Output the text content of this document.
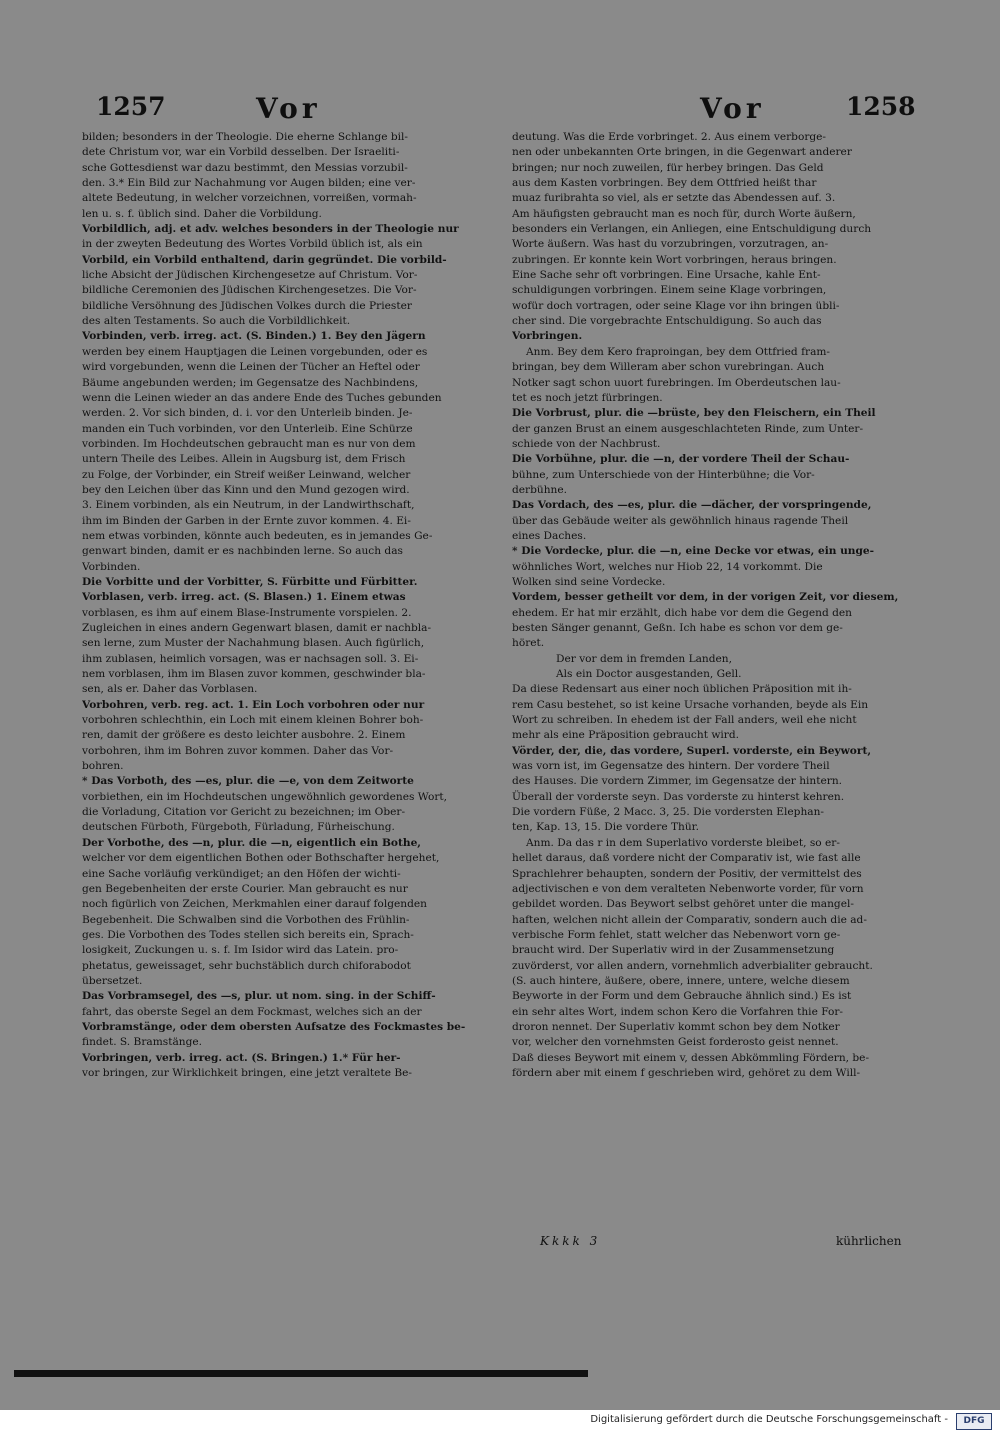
1257	Vor	Vor	1258
bilden; besonders in der Theologie. Die eherne Schlange bil-
dete Christum vor, war ein Vorbild desselben. Der Israeliti-
sche Gottesdienst war dazu bestimmt, den Messias vorzubil-
den. 3.* Ein Bild zur Nachahmung vor Augen bilden; eine ver-
altete Bedeutung, in welcher vorzeichnen, vorreißen, vormah-
len u. s. f. üblich sind. Daher die Vorbildung.
Vorbildlich, adj. et adv. welches besonders in der Theologie nur
in der zweyten Bedeutung des Wortes Vorbild üblich ist, als ein
Vorbild, ein Vorbild enthaltend, darin gegründet. Die vorbild-
liche Absicht der Jüdischen Kirchengesetze auf Christum. Vor-
bildliche Ceremonien des Jüdischen Kirchengesetzes. Die Vor-
bildliche Versöhnung des Jüdischen Volkes durch die Priester
des alten Testaments. So auch die Vorbildlichkeit.
Vorbinden, verb. irreg. act. (S. Binden.) 1. Bey den Jägern
werden bey einem Hauptjagen die Leinen vorgebunden, oder es
wird vorgebunden, wenn die Leinen der Tücher an Heftel oder
Bäume angebunden werden; im Gegensatze des Nachbindens,
wenn die Leinen wieder an das andere Ende des Tuches gebunden
werden. 2. Vor sich binden, d. i. vor den Unterleib binden. Je-
manden ein Tuch vorbinden, vor den Unterleib. Eine Schürze
vorbinden. Im Hochdeutschen gebraucht man es nur von dem
untern Theile des Leibes. Allein in Augsburg ist, dem Frisch
zu Folge, der Vorbinder, ein Streif weißer Leinwand, welcher
bey den Leichen über das Kinn und den Mund gezogen wird.
3. Einem vorbinden, als ein Neutrum, in der Landwirthschaft,
ihm im Binden der Garben in der Ernte zuvor kommen. 4. Ei-
nem etwas vorbinden, könnte auch bedeuten, es in jemandes Ge-
genwart binden, damit er es nachbinden lerne. So auch das
Vorbinden.
Die Vorbitte und der Vorbitter, S. Fürbitte und Fürbitter.
Vorblasen, verb. irreg. act. (S. Blasen.) 1. Einem etwas
vorblasen, es ihm auf einem Blase-Instrumente vorspielen. 2.
Zugleichen in eines andern Gegenwart blasen, damit er nachbla-
sen lerne, zum Muster der Nachahmung blasen. Auch figürlich,
ihm zublasen, heimlich vorsagen, was er nachsagen soll. 3. Ei-
nem vorblasen, ihm im Blasen zuvor kommen, geschwinder bla-
sen, als er. Daher das Vorblasen.
Vorbohren, verb. reg. act. 1. Ein Loch vorbohren oder nur
vorbohren schlechthin, ein Loch mit einem kleinen Bohrer boh-
ren, damit der größere es desto leichter ausbohre. 2. Einem
vorbohren, ihm im Bohren zuvor kommen. Daher das Vor-
bohren.
* Das Vorboth, des —es, plur. die —e, von dem Zeitworte
vorbiethen, ein im Hochdeutschen ungewöhnlich gewordenes Wort,
die Vorladung, Citation vor Gericht zu bezeichnen; im Ober-
deutschen Fürboth, Fürgeboth, Fürladung, Fürheischung.
Der Vorbothe, des —n, plur. die —n, eigentlich ein Bothe,
welcher vor dem eigentlichen Bothen oder Bothschafter hergehet,
eine Sache vorläufig verkündiget; an den Höfen der wichti-
gen Begebenheiten der erste Courier. Man gebraucht es nur
noch figürlich von Zeichen, Merkmahlen einer darauf folgenden
Begebenheit. Die Schwalben sind die Vorbothen des Frühlin-
ges. Die Vorbothen des Todes stellen sich bereits ein, Sprach-
losigkeit, Zuckungen u. s. f. Im Isidor wird das Latein. pro-
phetatus, geweissaget, sehr buchstäblich durch chiforabodot
übersetzet.
Das Vorbramsegel, des —s, plur. ut nom. sing. in der Schiff-
fahrt, das oberste Segel an dem Fockmast, welches sich an der
Vorbramstänge, oder dem obersten Aufsatze des Fockmastes be-
findet. S. Bramstänge.
Vorbringen, verb. irreg. act. (S. Bringen.) 1.* Für her-
vor bringen, zur Wirklichkeit bringen, eine jetzt veraltete Be-
deutung. Was die Erde vorbringet. 2. Aus einem verborge-
nen oder unbekannten Orte bringen, in die Gegenwart anderer
bringen; nur noch zuweilen, für herbey bringen. Das Geld
aus dem Kasten vorbringen. Bey dem Ottfried heißt thar
muaz furibrahta so viel, als er setzte das Abendessen auf. 3.
Am häufigsten gebraucht man es noch für, durch Worte äußern,
besonders ein Verlangen, ein Anliegen, eine Entschuldigung durch
Worte äußern. Was hast du vorzubringen, vorzutragen, an-
zubringen. Er konnte kein Wort vorbringen, heraus bringen.
Eine Sache sehr oft vorbringen. Eine Ursache, kahle Ent-
schuldigungen vorbringen. Einem seine Klage vorbringen,
wofür doch vortragen, oder seine Klage vor ihn bringen übli-
cher sind. Die vorgebrachte Entschuldigung. So auch das
Vorbringen.
Anm. Bey dem Kero fraproingan, bey dem Ottfried fram-
bringan, bey dem Willeram aber schon vurebringan. Auch
Notker sagt schon uuort furebringen. Im Oberdeutschen lau-
tet es noch jetzt fürbringen.
Die Vorbrust, plur. die —brüste, bey den Fleischern, ein Theil
der ganzen Brust an einem ausgeschlachteten Rinde, zum Unter-
schiede von der Nachbrust.
Die Vorbühne, plur. die —n, der vordere Theil der Schau-
bühne, zum Unterschiede von der Hinterbühne; die Vor-
derbühne.
Das Vordach, des —es, plur. die —dächer, der vorspringende,
über das Gebäude weiter als gewöhnlich hinaus ragende Theil
eines Daches.
* Die Vordecke, plur. die —n, eine Decke vor etwas, ein unge-
wöhnliches Wort, welches nur Hiob 22, 14 vorkommt. Die
Wolken sind seine Vordecke.
Vordem, besser getheilt vor dem, in der vorigen Zeit, vor diesem,
ehedem. Er hat mir erzählt, dich habe vor dem die Gegend den
besten Sänger genannt, Geßn. Ich habe es schon vor dem ge-
höret.
Der vor dem in fremden Landen,
Als ein Doctor ausgestanden, Gell.
Da diese Redensart aus einer noch üblichen Präposition mit ih-
rem Casu bestehet, so ist keine Ursache vorhanden, beyde als Ein
Wort zu schreiben. In ehedem ist der Fall anders, weil ehe nicht
mehr als eine Präposition gebraucht wird.
Vörder, der, die, das vordere, Superl. vorderste, ein Beywort,
was vorn ist, im Gegensatze des hintern. Der vordere Theil
des Hauses. Die vordern Zimmer, im Gegensatze der hintern.
Überall der vorderste seyn. Das vorderste zu hinterst kehren.
Die vordern Füße, 2 Macc. 3, 25. Die vordersten Elephan-
ten, Kap. 13, 15. Die vordere Thür.
Anm. Da das r in dem Superlativo vorderste bleibet, so er-
hellet daraus, daß vordere nicht der Comparativ ist, wie fast alle
Sprachlehrer behaupten, sondern der Positiv, der vermittelst des
adjectivischen e von dem veralteten Nebenworte vorder, für vorn
gebildet worden. Das Beywort selbst gehöret unter die mangel-
haften, welchen nicht allein der Comparativ, sondern auch die ad-
verbische Form fehlet, statt welcher das Nebenwort vorn ge-
braucht wird. Der Superlativ wird in der Zusammensetzung
zuvörderst, vor allen andern, vornehmlich adverbialiter gebraucht.
(S. auch hintere, äußere, obere, innere, untere, welche diesem
Beyworte in der Form und dem Gebrauche ähnlich sind.) Es ist
ein sehr altes Wort, indem schon Kero die Vorfahren thie For-
droron nennet. Der Superlativ kommt schon bey dem Notker
vor, welcher den vornehmsten Geist forderosto geist nennet.
Daß dieses Beywort mit einem v, dessen Abkömmling Fördern, be-
fördern aber mit einem f geschrieben wird, gehöret zu dem Will-
Kkkk 3	kührlichen
Digitalisierung gefördert durch die Deutsche Forschungsgemeinschaft -	DFG
